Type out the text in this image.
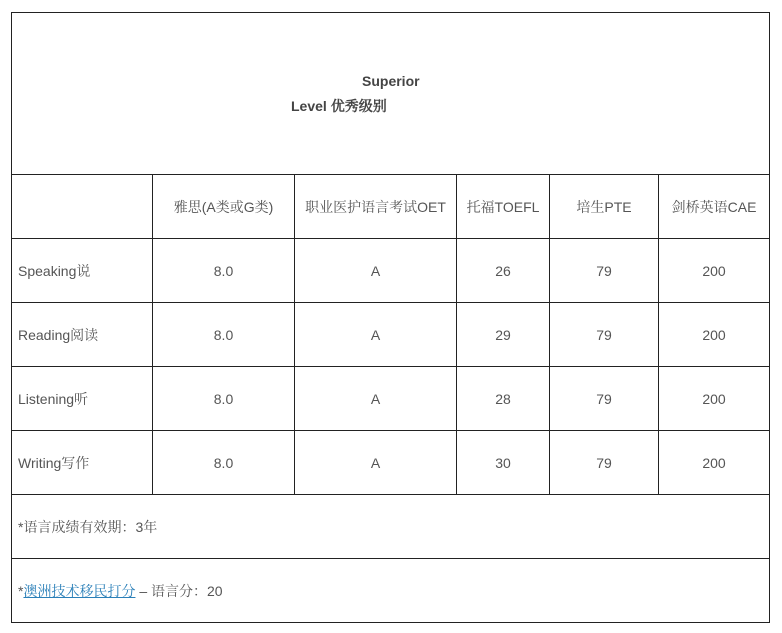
Superior
Level 优秀级别					

	雅思(A类或G类)	职业医护语言考试OET	托福TOEFL	培生PTE	剑桥英语CAE
Speaking说	8.0	A	26	79	200
Reading阅读	8.0	A	29	79	200
Listening听	8.0	A	28	79	200
Writing写作	8.0	A	30	79	200
*语言成绩有效期：3年					
*澳洲技术移民打分 – 语言分：20					
